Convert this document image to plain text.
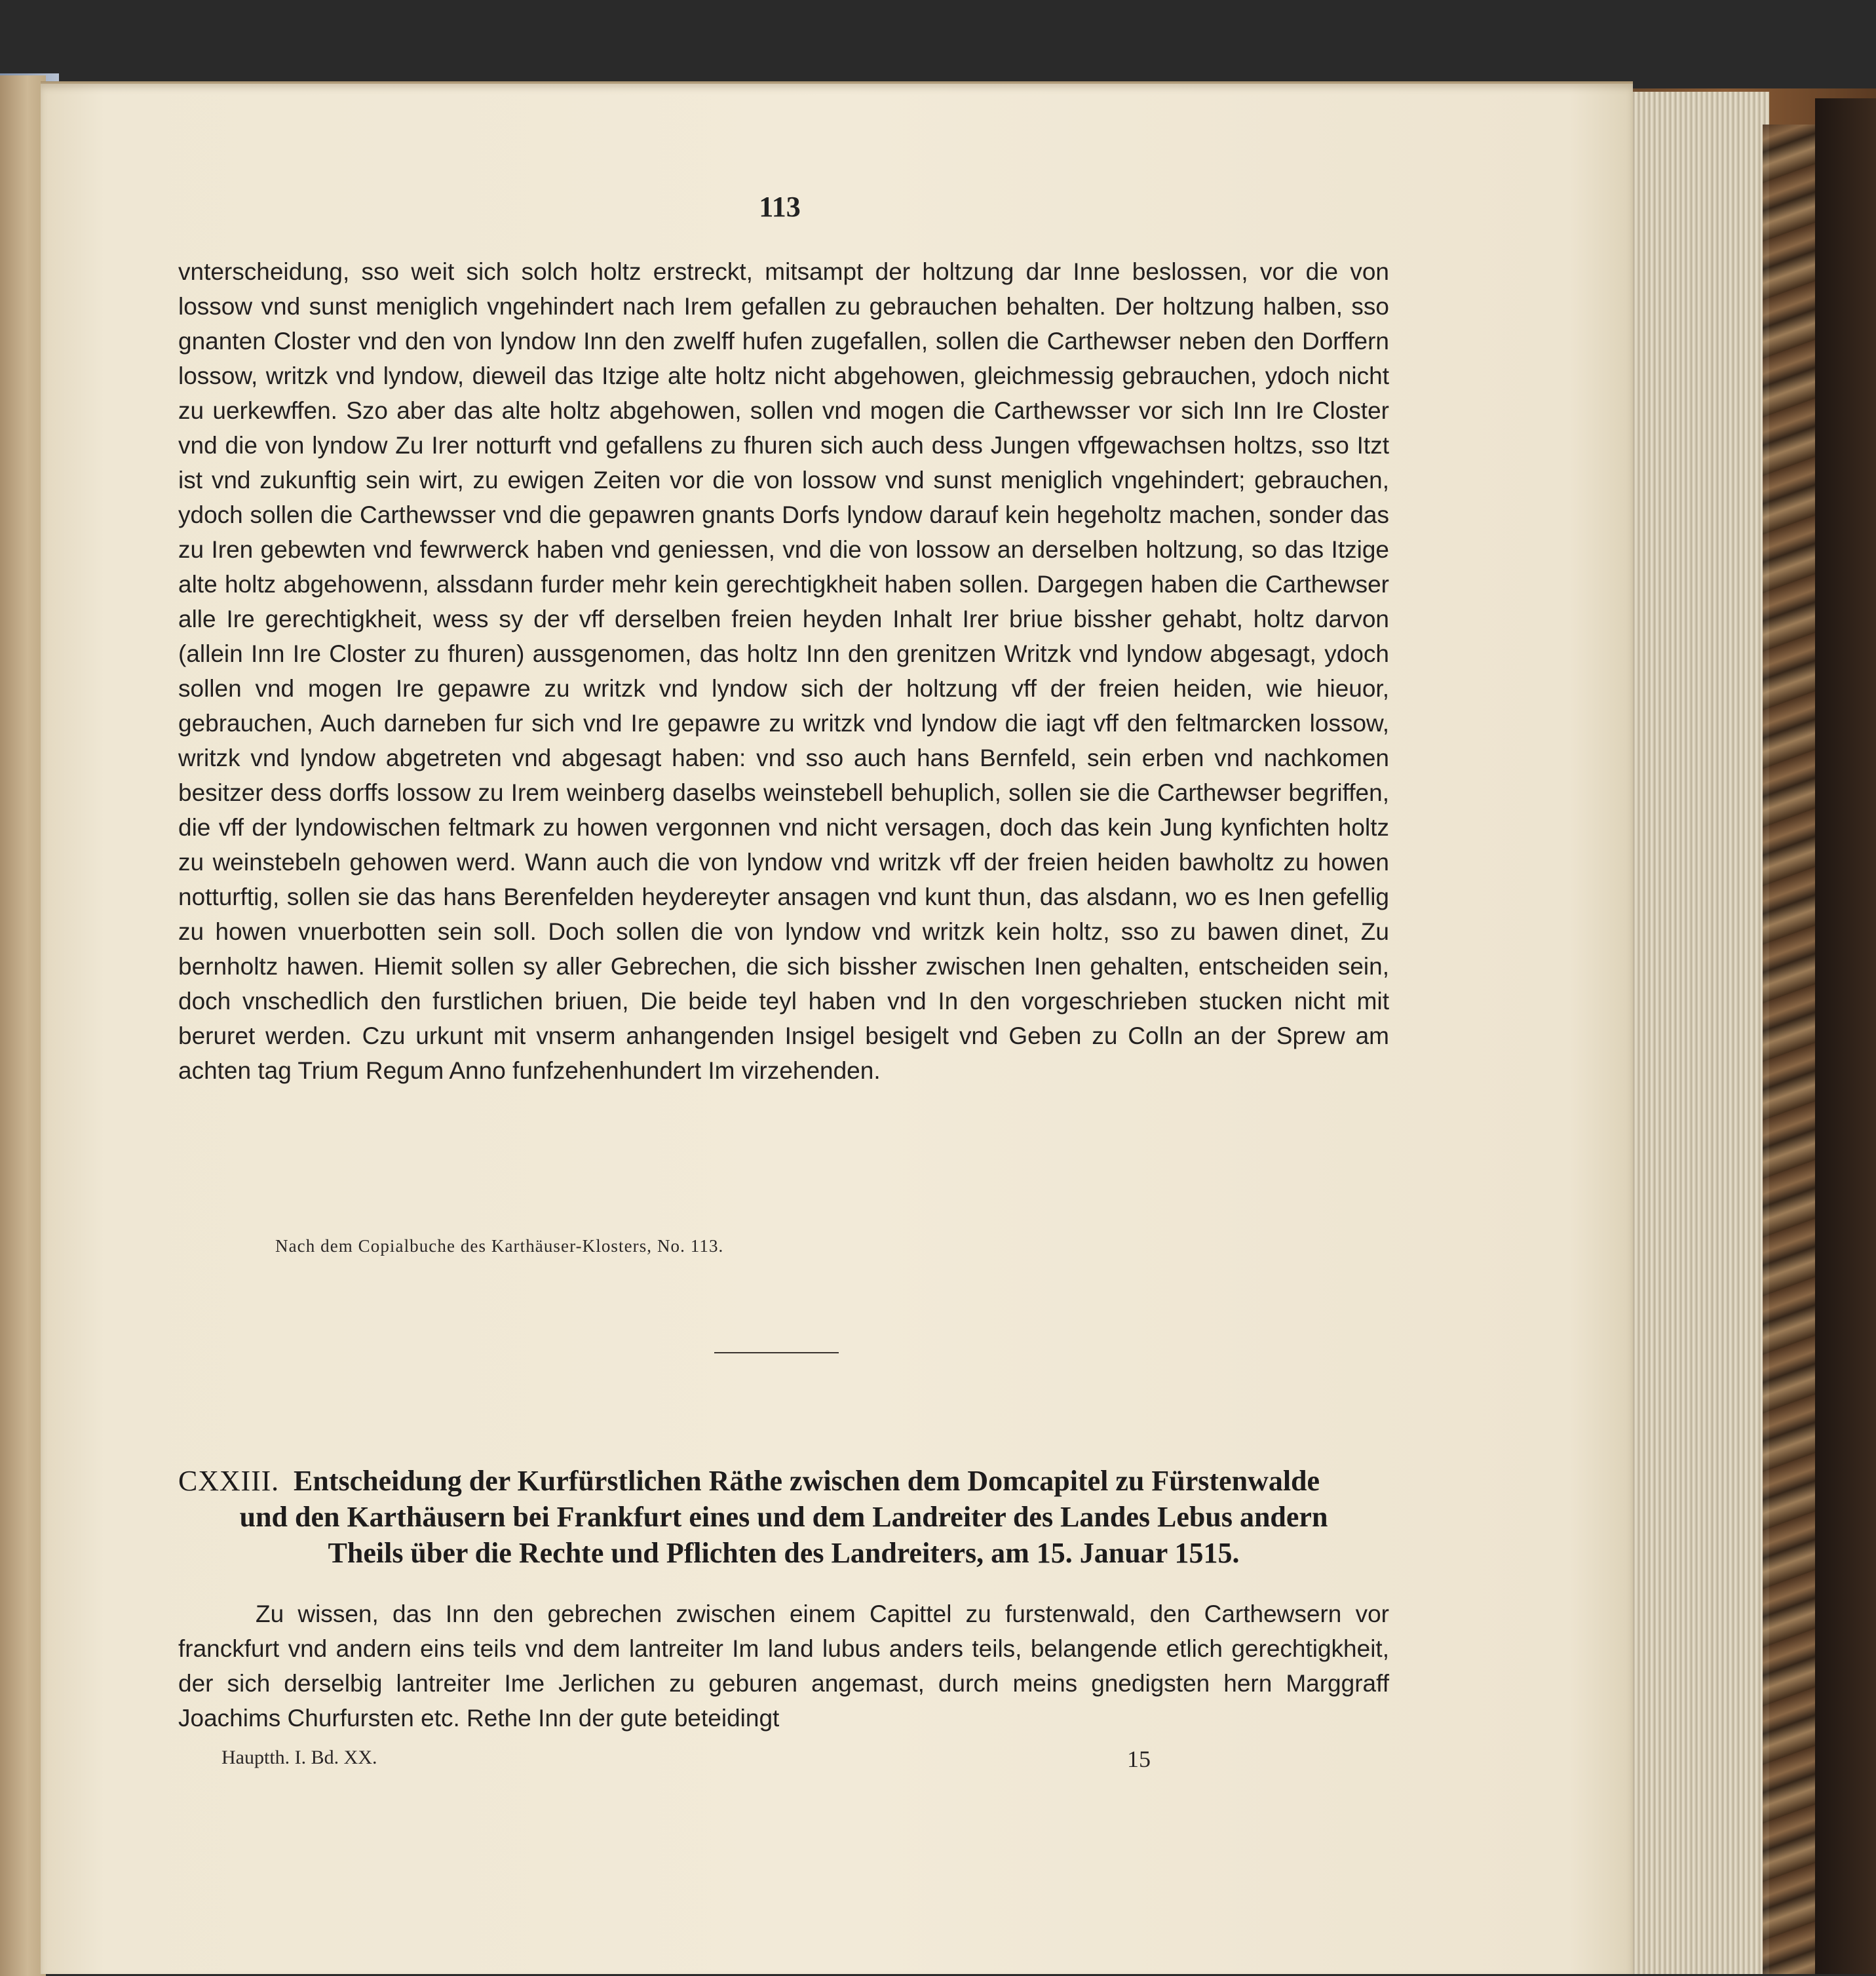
113

vnterscheidung, sso weit sich solch holtz erstreckt, mitsampt der holtzung dar Inne beslossen, vor die von lossow vnd sunst meniglich vngehindert nach Irem gefallen zu gebrauchen behalten. Der holtzung halben, sso gnanten Closter vnd den von lyndow Inn den zwelff hufen zugefallen, sollen die Carthewser neben den Dorffern lossow, writzk vnd lyndow, dieweil das Itzige alte holtz nicht abgehowen, gleichmessig gebrauchen, ydoch nicht zu uerkewffen. Szo aber das alte holtz abgehowen, sollen vnd mogen die Carthewsser vor sich Inn Ire Closter vnd die von lyndow Zu Irer notturft vnd gefallens zu fhuren sich auch dess Jungen vffgewachsen holtzs, sso Itzt ist vnd zukunftig sein wirt, zu ewigen Zeiten vor die von lossow vnd sunst meniglich vngehindert; gebrauchen, ydoch sollen die Carthewsser vnd die gepawren gnants Dorfs lyndow darauf kein hegeholtz machen, sonder das zu Iren gebewten vnd fewrwerck haben vnd geniessen, vnd die von lossow an derselben holtzung, so das Itzige alte holtz abgehowenn, alssdann furder mehr kein gerechtigkheit haben sollen. Dargegen haben die Carthewser alle Ire gerechtigkheit, wess sy der vff derselben freien heyden Inhalt Irer briue bissher gehabt, holtz darvon (allein Inn Ire Closter zu fhuren) aussgenomen, das holtz Inn den grenitzen Writzk vnd lyndow abgesagt, ydoch sollen vnd mogen Ire gepawre zu writzk vnd lyndow sich der holtzung vff der freien heiden, wie hieuor, gebrauchen, Auch darneben fur sich vnd Ire gepawre zu writzk vnd lyndow die iagt vff den feltmarcken lossow, writzk vnd lyndow abgetreten vnd abgesagt haben: vnd sso auch hans Bernfeld, sein erben vnd nachkomen besitzer dess dorffs lossow zu Irem weinberg daselbs weinstebell behuplich, sollen sie die Carthewser begriffen, die vff der lyndowischen feltmark zu howen vergonnen vnd nicht versagen, doch das kein Jung kynfichten holtz zu weinstebeln gehowen werd. Wann auch die von lyndow vnd writzk vff der freien heiden bawholtz zu howen notturftig, sollen sie das hans Berenfelden heydereyter ansagen vnd kunt thun, das alsdann, wo es Inen gefellig zu howen vnuerbotten sein soll. Doch sollen die von lyndow vnd writzk kein holtz, sso zu bawen dinet, Zu bernholtz hawen. Hiemit sollen sy aller Gebrechen, die sich bissher zwischen Inen gehalten, entscheiden sein, doch vnschedlich den furstlichen briuen, Die beide teyl haben vnd In den vorgeschrieben stucken nicht mit beruret werden. Czu urkunt mit vnserm anhangenden Insigel besigelt vnd Geben zu Colln an der Sprew am achten tag Trium Regum Anno funfzehenhundert Im virzehenden.

Nach dem Copialbuche des Karthäuser-Klosters, No. 113.
CXXIII. Entscheidung der Kurfürstlichen Räthe zwischen dem Domcapitel zu Fürstenwalde
und den Karthäusern bei Frankfurt eines und dem Landreiter des Landes Lebus andern
Theils über die Rechte und Pflichten des Landreiters, am 15. Januar 1515.

Zu wissen, das Inn den gebrechen zwischen einem Capittel zu furstenwald, den Carthewsern vor franckfurt vnd andern eins teils vnd dem lantreiter Im land lubus anders teils, belangende etlich gerechtigkheit, der sich derselbig lantreiter Ime Jerlichen zu geburen angemast, durch meins gnedigsten hern Marggraff Joachims Churfursten etc. Rethe Inn der gute beteidingt

Hauptth. I. Bd. XX.	15
